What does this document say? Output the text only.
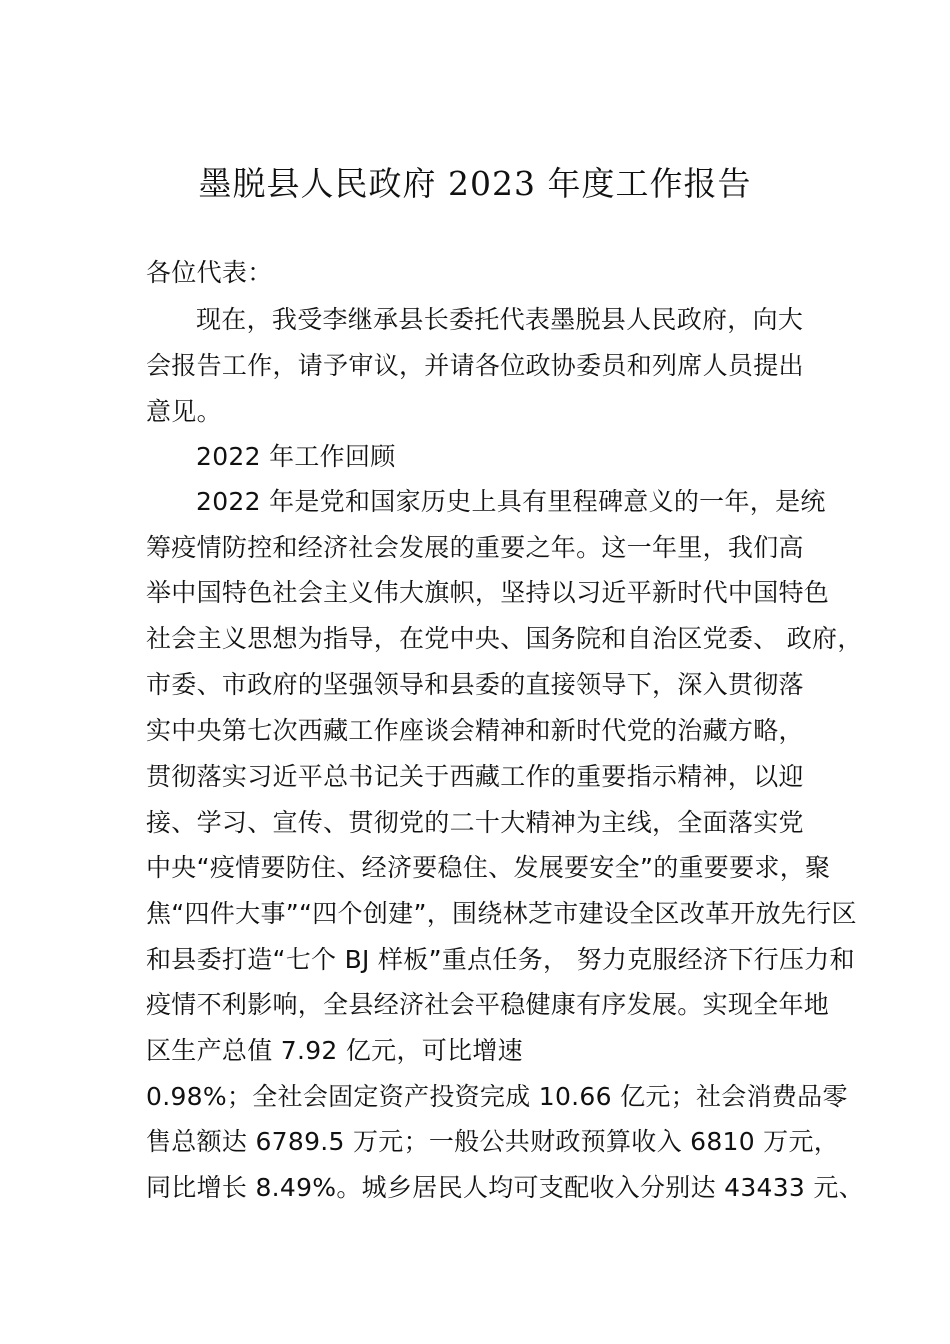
墨脱县人民政府 2023 年度工作报告
各位代表：
现在，我受李继承县长委托代表墨脱县人民政府，向大
会报告工作，请予审议，并请各位政协委员和列席人员提出
意见。
2022 年工作回顾
2022 年是党和国家历史上具有里程碑意义的一年，是统
筹疫情防控和经济社会发展的重要之年。这一年里，我们高
举中国特色社会主义伟大旗帜，坚持以习近平新时代中国特色
社会主义思想为指导，在党中央、国务院和自治区党委、 政府，
市委、市政府的坚强领导和县委的直接领导下，深入贯彻落
实中央第七次西藏工作座谈会精神和新时代党的治藏方略，
贯彻落实习近平总书记关于西藏工作的重要指示精神，以迎
接、学习、宣传、贯彻党的二十大精神为主线，全面落实党
中央“疫情要防住、经济要稳住、发展要安全”的重要要求，聚
焦“四件大事”“四个创建”，围绕林芝市建设全区改革开放先行区
和县委打造“七个 BJ 样板”重点任务， 努力克服经济下行压力和
疫情不利影响，全县经济社会平稳健康有序发展。实现全年地
区生产总值 7.92 亿元，可比增速
0.98%；全社会固定资产投资完成 10.66 亿元；社会消费品零
售总额达 6789.5 万元；一般公共财政预算收入 6810 万元，
同比增长 8.49%。城乡居民人均可支配收入分别达 43433 元、
